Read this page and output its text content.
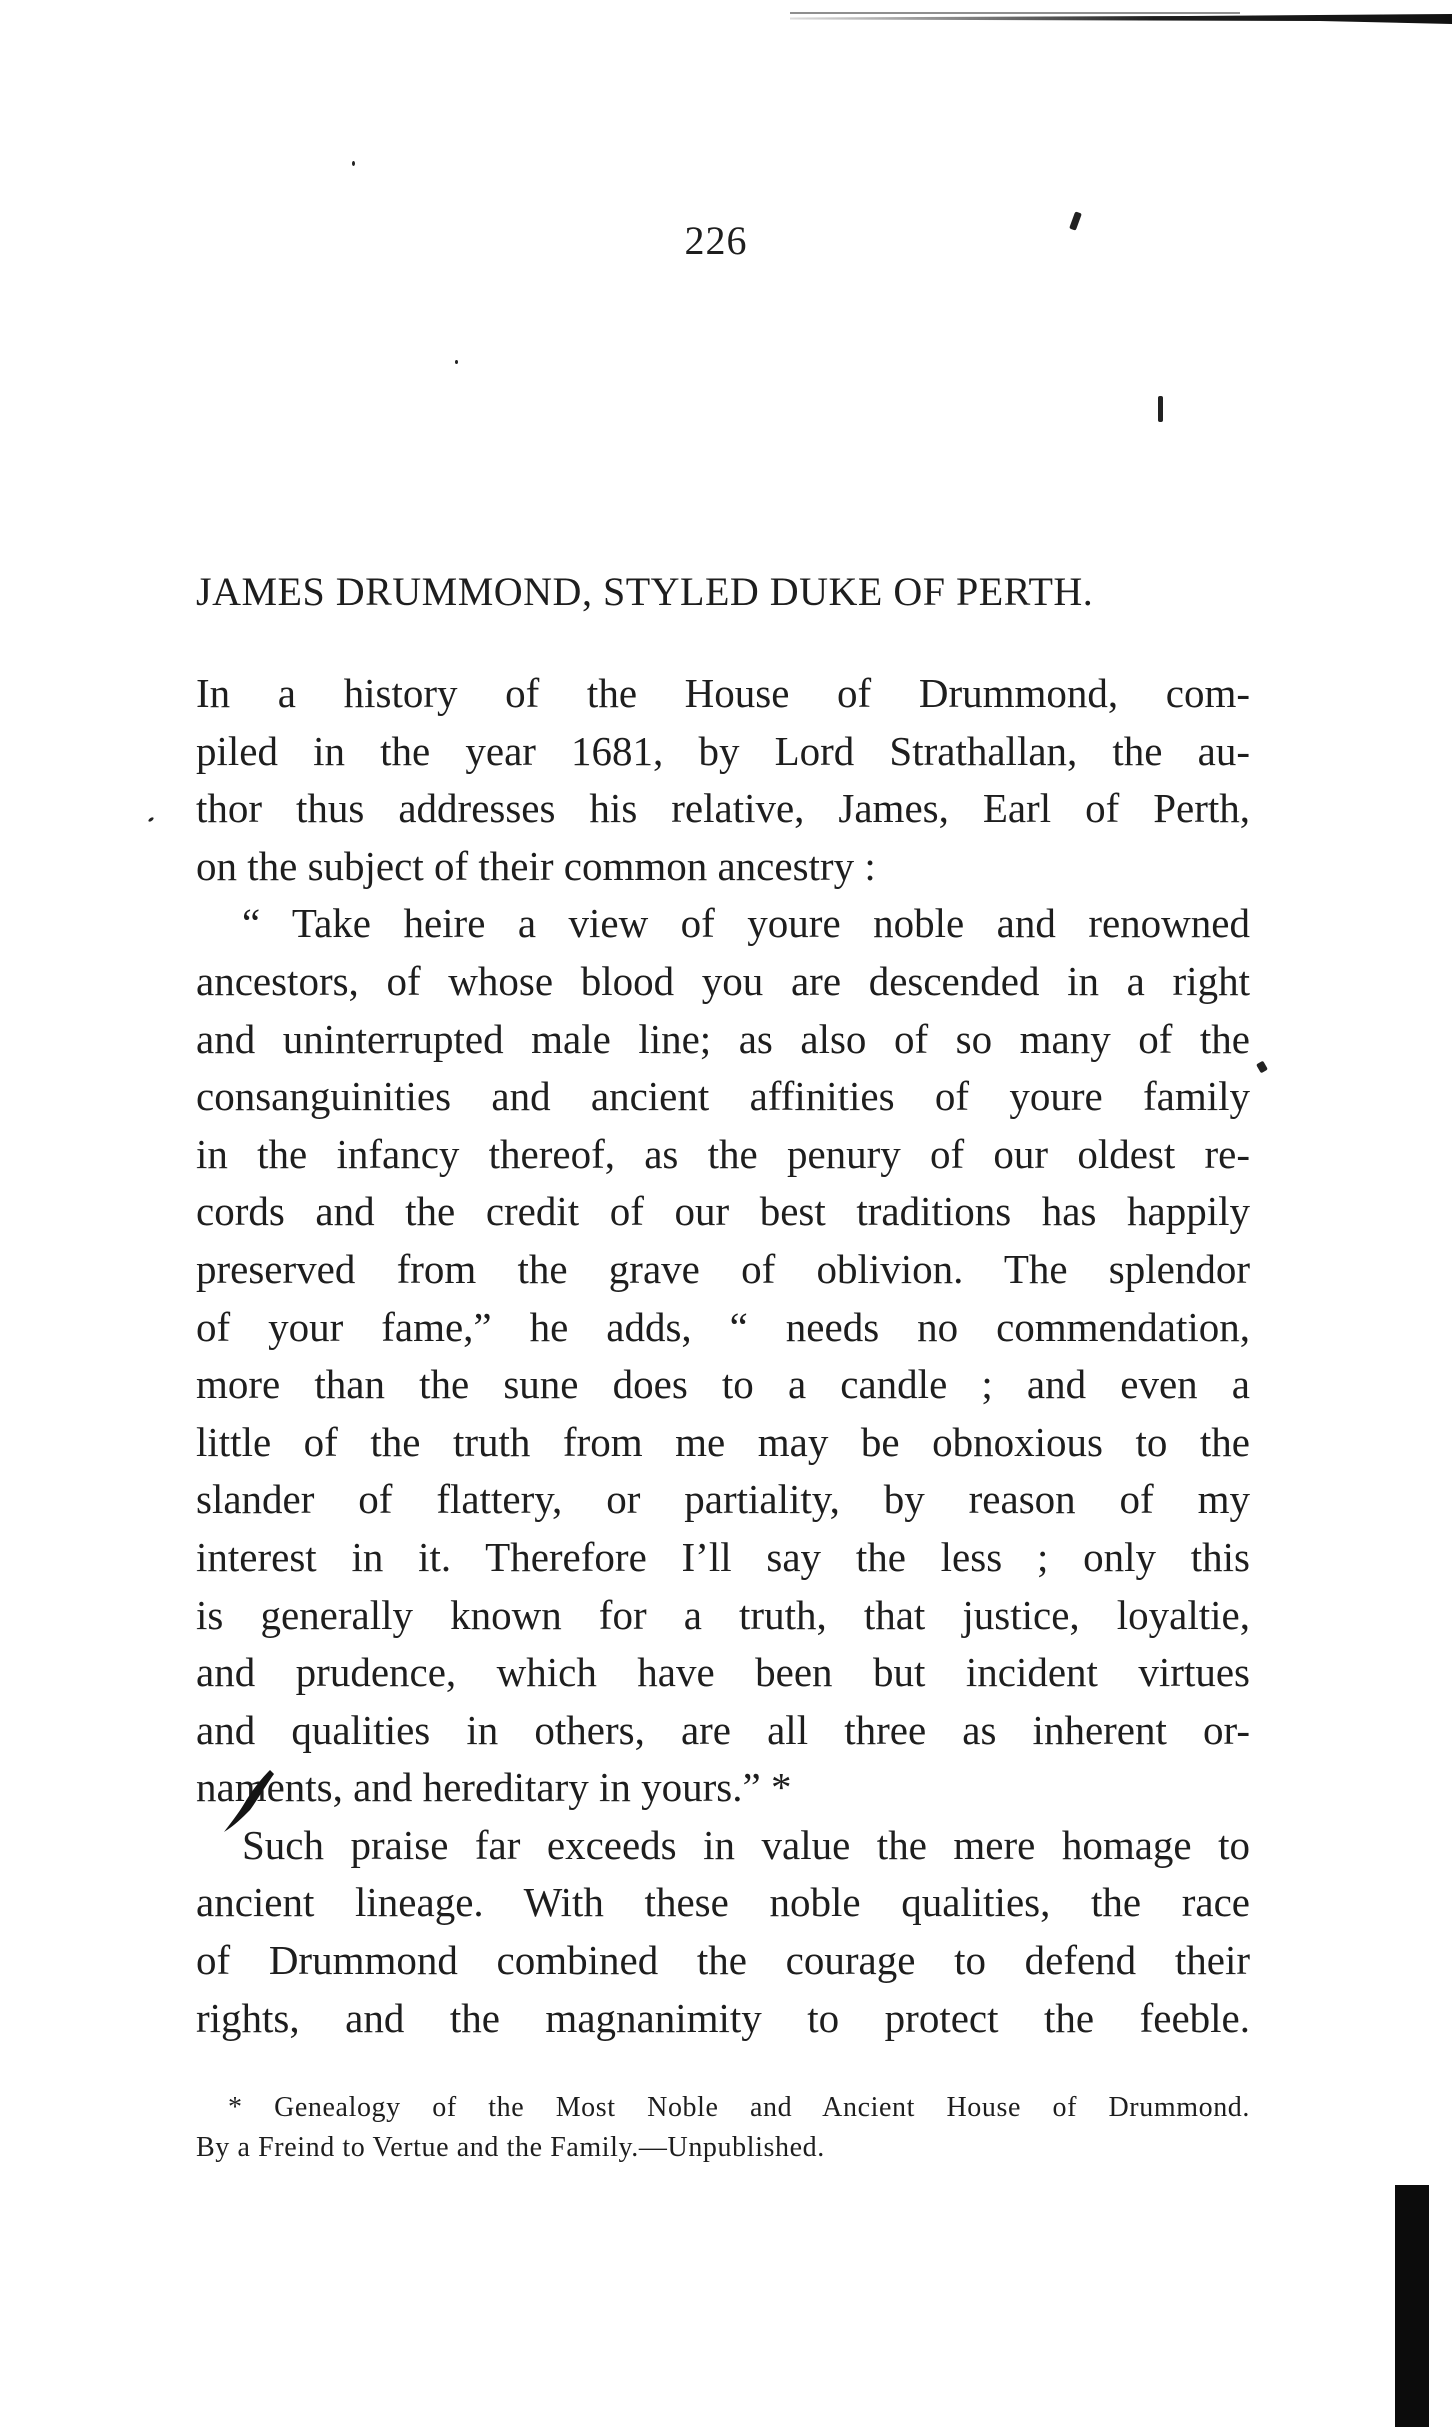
226
JAMES DRUMMOND, STYLED DUKE OF PERTH.
In a history of the House of Drummond, com-
piled in the year 1681, by Lord Strathallan, the au-
thor thus addresses his relative, James, Earl of Perth,
on the subject of their common ancestry :
“ Take heire a view of youre noble and renowned
ancestors, of whose blood you are descended in a right
and uninterrupted male line; as also of so many of the
consanguinities and ancient affinities of youre family
in the infancy thereof, as the penury of our oldest re-
cords and the credit of our best traditions has happily
preserved from the grave of oblivion. The splendor
of your fame,” he adds, “ needs no commendation,
more than the sune does to a candle ; and even a
little of the truth from me may be obnoxious to the
slander of flattery, or partiality, by reason of my
interest in it. Therefore I’ll say the less ; only this
is generally known for a truth, that justice, loyaltie,
and prudence, which have been but incident virtues
and qualities in others, are all three as inherent or-
naments, and hereditary in yours.” *
Such praise far exceeds in value the mere homage to
ancient lineage. With these noble qualities, the race
of Drummond combined the courage to defend their
rights, and the magnanimity to protect the feeble.
* Genealogy of the Most Noble and Ancient House of Drummond.
By a Freind to Vertue and the Family.—Unpublished.
